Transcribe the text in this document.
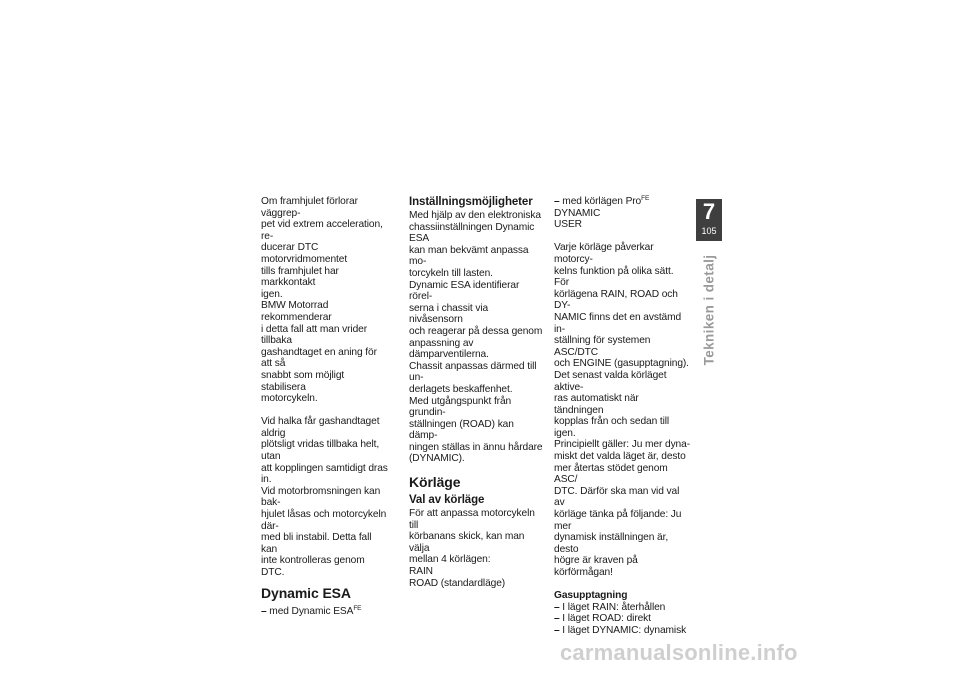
Om framhjulet förlorar väggrep-

pet vid extrem acceleration, re-

ducerar DTC motorvridmomentet

tills framhjulet har markkontakt

igen.

BMW Motorrad rekommenderar

i detta fall att man vrider tillbaka

gashandtaget en aning för att så

snabbt som möjligt stabilisera

motorcykeln.

Vid halka får gashandtaget aldrig

plötsligt vridas tillbaka helt, utan

att kopplingen samtidigt dras in.

Vid motorbromsningen kan bak-

hjulet låsas och motorcykeln där-

med bli instabil. Detta fall kan

inte kontrolleras genom DTC.

Dynamic ESA
– med Dynamic $ESA^{FE}$
Inställningsmöjligheter

Med hjälp av den elektroniska

chassiinställningen Dynamic ESA

kan man bekvämt anpassa mo-

torcykeln till lasten.

Dynamic ESA identifierar rörel-

serna i chassit via nivåsensorn

och reagerar på dessa genom

anpassning av dämparventilerna.

Chassit anpassas därmed till un-

derlagets beskaffenhet.

Med utgångspunkt från grundin-

ställningen (ROAD) kan dämp-

ningen ställas in ännu hårdare

(DYNAMIC).

Körläge
Val av körläge

För att anpassa motorcykeln till

körbanans skick, kan man välja

mellan 4 körlägen:

RAIN

ROAD (standardläge)

– med körlägen Pro$^{FE}$

DYNAMIC

USER

Varje körläge påverkar motorcy-

kelns funktion på olika sätt. För

körlägena RAIN, ROAD och DY-

NAMIC finns det en avstämd in-

ställning för systemen ASC/DTC

och ENGINE (gasupptagning).

Det senast valda körläget aktive-

ras automatiskt när tändningen

kopplas från och sedan till igen.

Principiellt gäller: Ju mer dyna-

miskt det valda läget är, desto

mer återtas stödet genom ASC/

DTC. Därför ska man vid val av

körläge tänka på följande: Ju mer

dynamisk inställningen är, desto

högre är kraven på körförmågan!

Gasupptagning
– I läget RAIN: återhållen
– I läget ROAD: direkt
– I läget DYNAMIC: dynamisk
7
105
Tekniken i detalj
carmanualsonline.info
